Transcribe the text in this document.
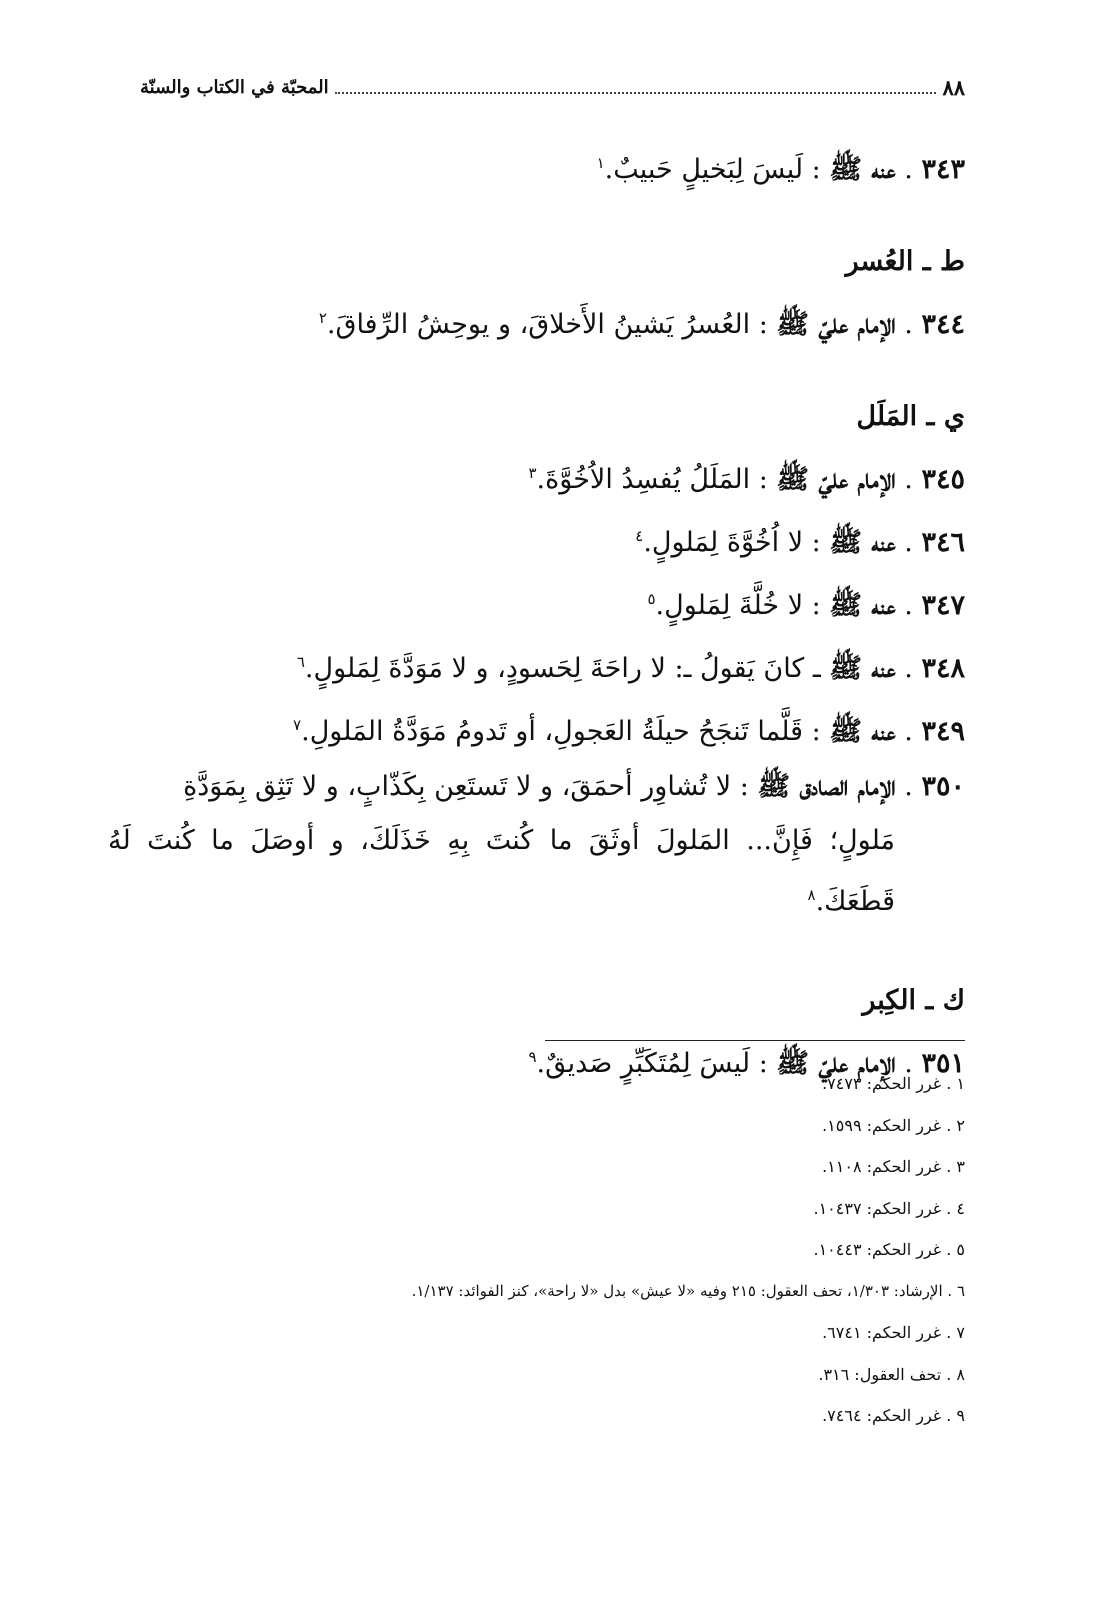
٨٨
المحبّة في الكتاب والسنّة
٣٤٣ . عنه ﷺ : لَيسَ لِبَخيلٍ حَبيبٌ.$^١$
ط ـ العُسر
٣٤٤ . الإمام عليّ ﷺ : العُسرُ يَشينُ الأَخلاقَ، و يوحِشُ الرِّفاقَ.$^٢$
ي ـ المَلَل
٣٤٥ . الإمام عليّ ﷺ : المَلَلُ يُفسِدُ الاُخُوَّةَ.$^٣$
٣٤٦ . عنه ﷺ : لا اُخُوَّةَ لِمَلولٍ.$^٤$
٣٤٧ . عنه ﷺ : لا خُلَّةَ لِمَلولٍ.$^٥$
٣٤٨ . عنه ﷺ ـ كانَ يَقولُ ـ: لا راحَةَ لِحَسودٍ، و لا مَوَدَّةَ لِمَلولٍ.$^٦$
٣٤٩ . عنه ﷺ : قَلَّما تَنجَحُ حيلَةُ العَجولِ، أو تَدومُ مَوَدَّةُ المَلولِ.$^٧$
٣٥٠ . الإمام الصادق ﷺ : لا تُشاوِر أحمَقَ، و لا تَستَعِن بِكَذّابٍ، و لا تَثِق بِمَوَدَّةِ
مَلولٍ؛ فَإِنَّ... المَلولَ أوثَقَ ما كُنتَ بِهِ خَذَلَكَ، و أوصَلَ ما كُنتَ لَهُ قَطَعَكَ.$^٨$
ك ـ الكِبر
٣٥١ . الإمام عليّ ﷺ : لَيسَ لِمُتَكَبِّرٍ صَديقٌ.$^٩$
١ . غرر الحكم: ٧٤٧٣.
٢ . غرر الحكم: ١٥٩٩.
٣ . غرر الحكم: ١١٠٨.
٤ . غرر الحكم: ١٠٤٣٧.
٥ . غرر الحكم: ١٠٤٤٣.
٦ . الإرشاد: ١/٣٠٣، تحف العقول: ٢١٥ وفيه «لا عيش» بدل «لا راحة»، كنز الفوائد: ١/١٣٧.
٧ . غرر الحكم: ٦٧٤١.
٨ . تحف العقول: ٣١٦.
٩ . غرر الحكم: ٧٤٦٤.
